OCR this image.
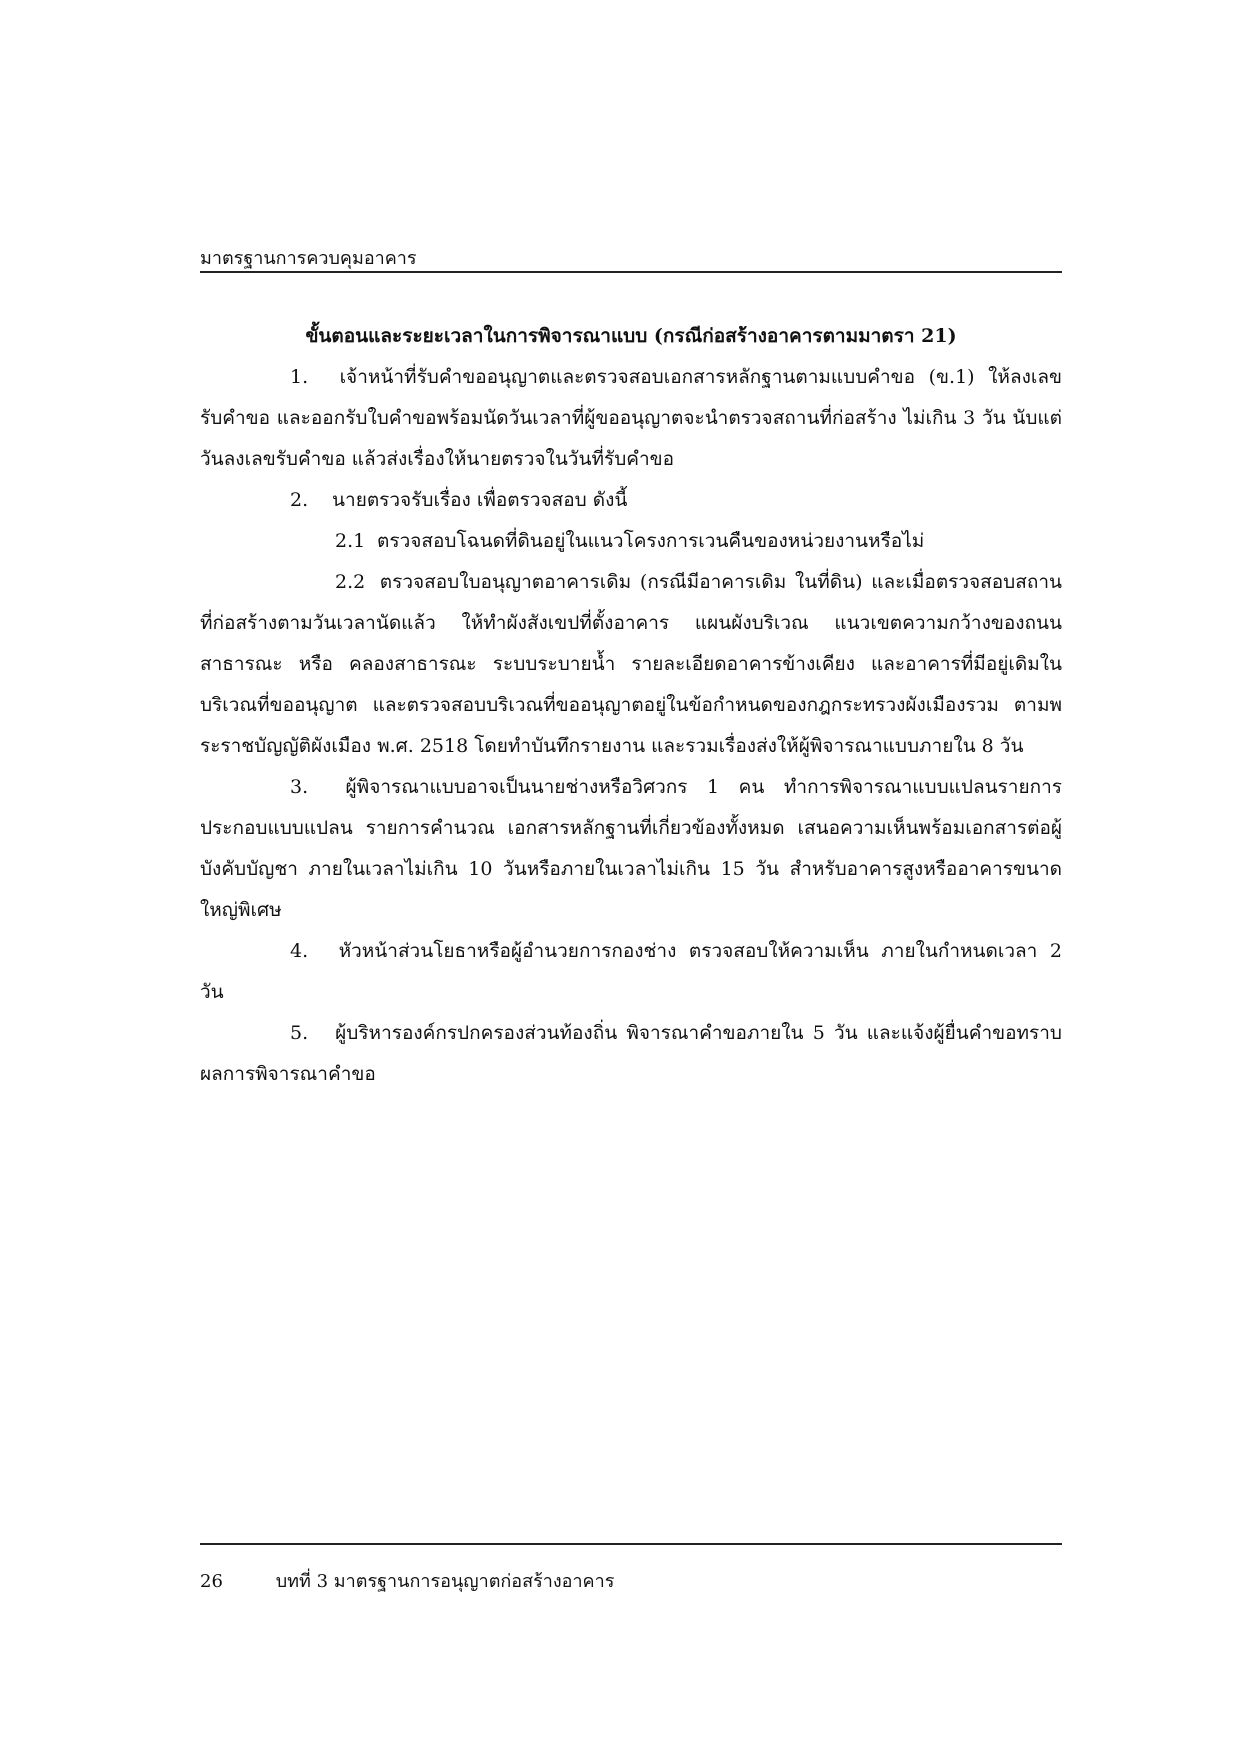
มาตรฐานการควบคุมอาคาร

ขั้นตอนและระยะเวลาในการพิจารณาแบบ (กรณีก่อสร้างอาคารตามมาตรา 21)

1. เจ้าหน้าที่รับคำขออนุญาตและตรวจสอบเอกสารหลักฐานตามแบบคำขอ (ข.1) ให้ลงเลขรับคำขอ และออกรับใบคำขอพร้อมนัดวันเวลาที่ผู้ขออนุญาตจะนำตรวจสถานที่ก่อสร้าง ไม่เกิน 3 วัน นับแต่วันลงเลขรับคำขอ แล้วส่งเรื่องให้นายตรวจในวันที่รับคำขอ

2. นายตรวจรับเรื่อง เพื่อตรวจสอบ ดังนี้

2.1 ตรวจสอบโฉนดที่ดินอยู่ในแนวโครงการเวนคืนของหน่วยงานหรือไม่

2.2 ตรวจสอบใบอนุญาตอาคารเดิม (กรณีมีอาคารเดิม ในที่ดิน) และเมื่อตรวจสอบสถานที่ก่อสร้างตามวันเวลานัดแล้ว ให้ทำผังสังเขปที่ตั้งอาคาร แผนผังบริเวณ แนวเขตความกว้างของถนนสาธารณะ หรือ คลองสาธารณะ ระบบระบายน้ำ รายละเอียดอาคารข้างเคียง และอาคารที่มีอยู่เดิมในบริเวณที่ขออนุญาต และตรวจสอบบริเวณที่ขออนุญาตอยู่ในข้อกำหนดของกฎกระทรวงผังเมืองรวม ตามพระราชบัญญัติผังเมือง พ.ศ. 2518 โดยทำบันทึกรายงาน และรวมเรื่องส่งให้ผู้พิจารณาแบบภายใน 8 วัน

3. ผู้พิจารณาแบบอาจเป็นนายช่างหรือวิศวกร 1 คน ทำการพิจารณาแบบแปลนรายการประกอบแบบแปลน รายการคำนวณ เอกสารหลักฐานที่เกี่ยวข้องทั้งหมด เสนอความเห็นพร้อมเอกสารต่อผู้บังคับบัญชา ภายในเวลาไม่เกิน 10 วันหรือภายในเวลาไม่เกิน 15 วัน สำหรับอาคารสูงหรืออาคารขนาดใหญ่พิเศษ

4. หัวหน้าส่วนโยธาหรือผู้อำนวยการกองช่าง ตรวจสอบให้ความเห็น ภายในกำหนดเวลา 2 วัน

5. ผู้บริหารองค์กรปกครองส่วนท้องถิ่น พิจารณาคำขอภายใน 5 วัน และแจ้งผู้ยื่นคำขอทราบผลการพิจารณาคำขอ

26	บทที่ 3 มาตรฐานการอนุญาตก่อสร้างอาคาร
